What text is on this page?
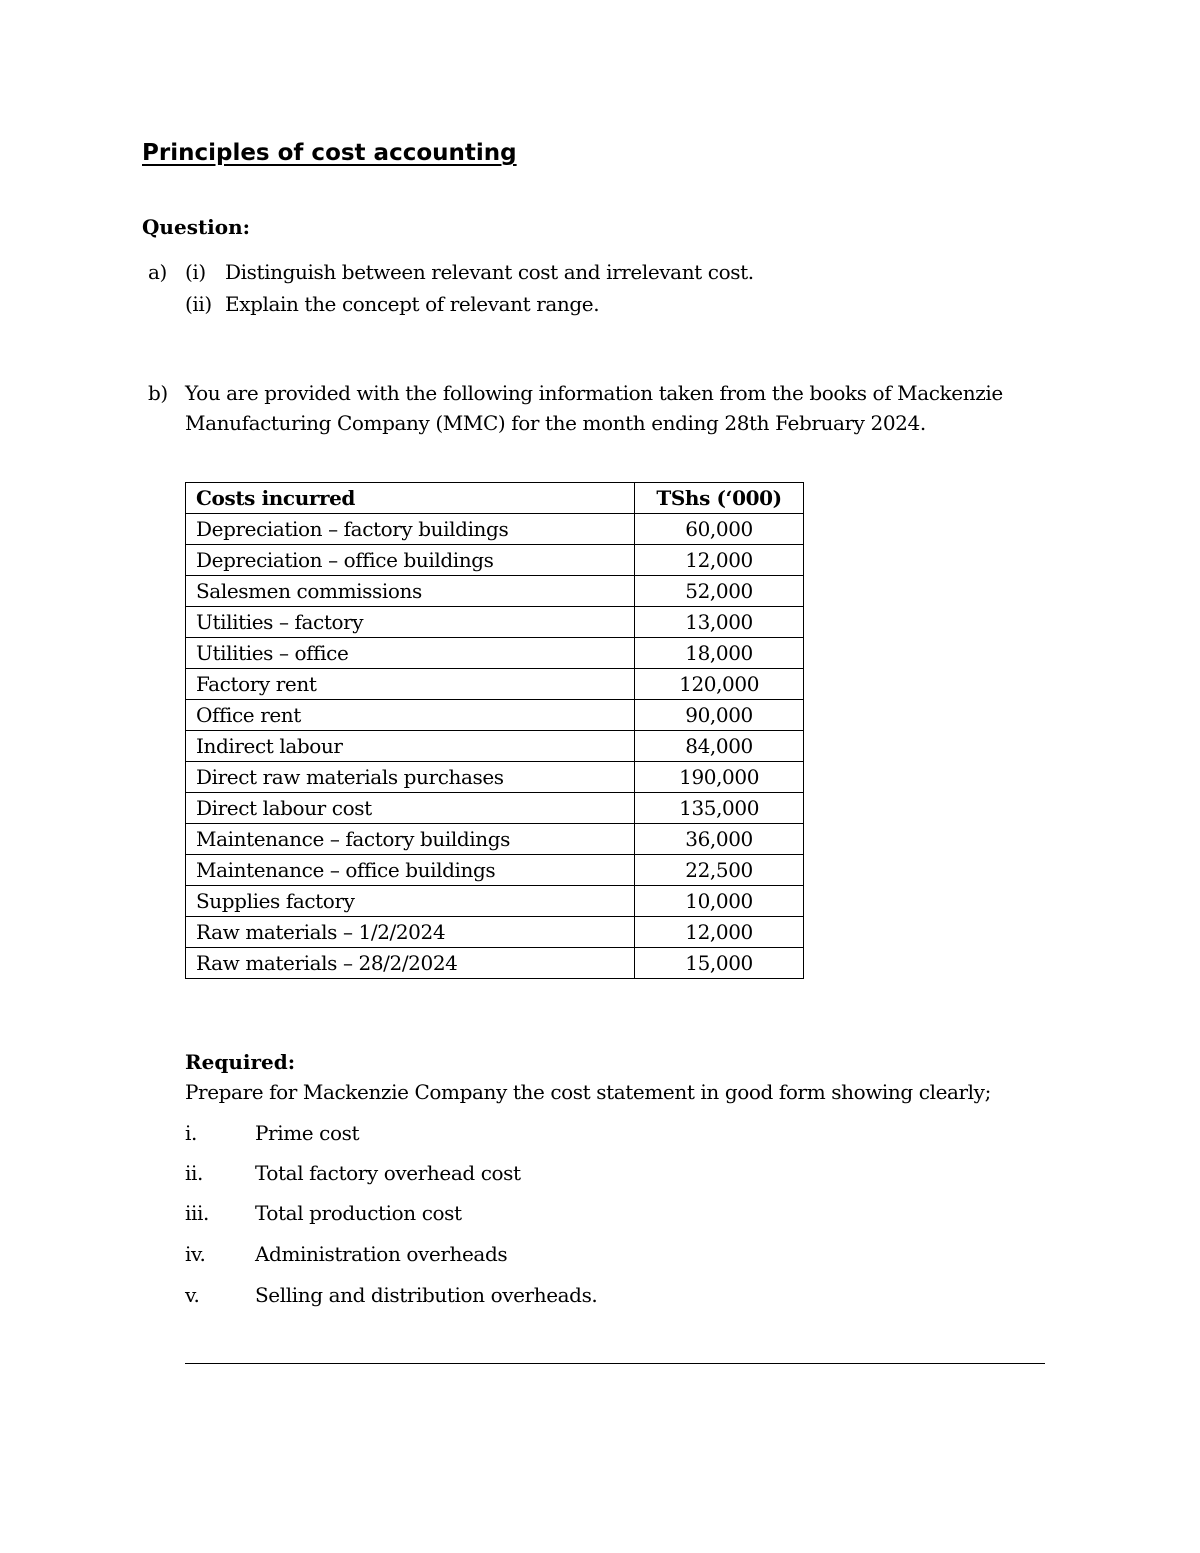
Principles of cost accounting
Question:
a) (i) Distinguish between relevant cost and irrelevant cost.
(ii) Explain the concept of relevant range.
b) You are provided with the following information taken from the books of Mackenzie
Manufacturing Company (MMC) for the month ending 28th February 2024.
Costs incurred	TShs (‘000)
Depreciation – factory buildings	60,000
Depreciation – office buildings	12,000
Salesmen commissions	52,000
Utilities – factory	13,000
Utilities – office	18,000
Factory rent	120,000
Office rent	90,000
Indirect labour	84,000
Direct raw materials purchases	190,000
Direct labour cost	135,000
Maintenance – factory buildings	36,000
Maintenance – office buildings	22,500
Supplies factory	10,000
Raw materials – 1/2/2024	12,000
Raw materials – 28/2/2024	15,000
Required:
Prepare for Mackenzie Company the cost statement in good form showing clearly;
i.	Prime cost
ii.	Total factory overhead cost
iii. Total production cost
iv. Administration overheads
v.	Selling and distribution overheads.
